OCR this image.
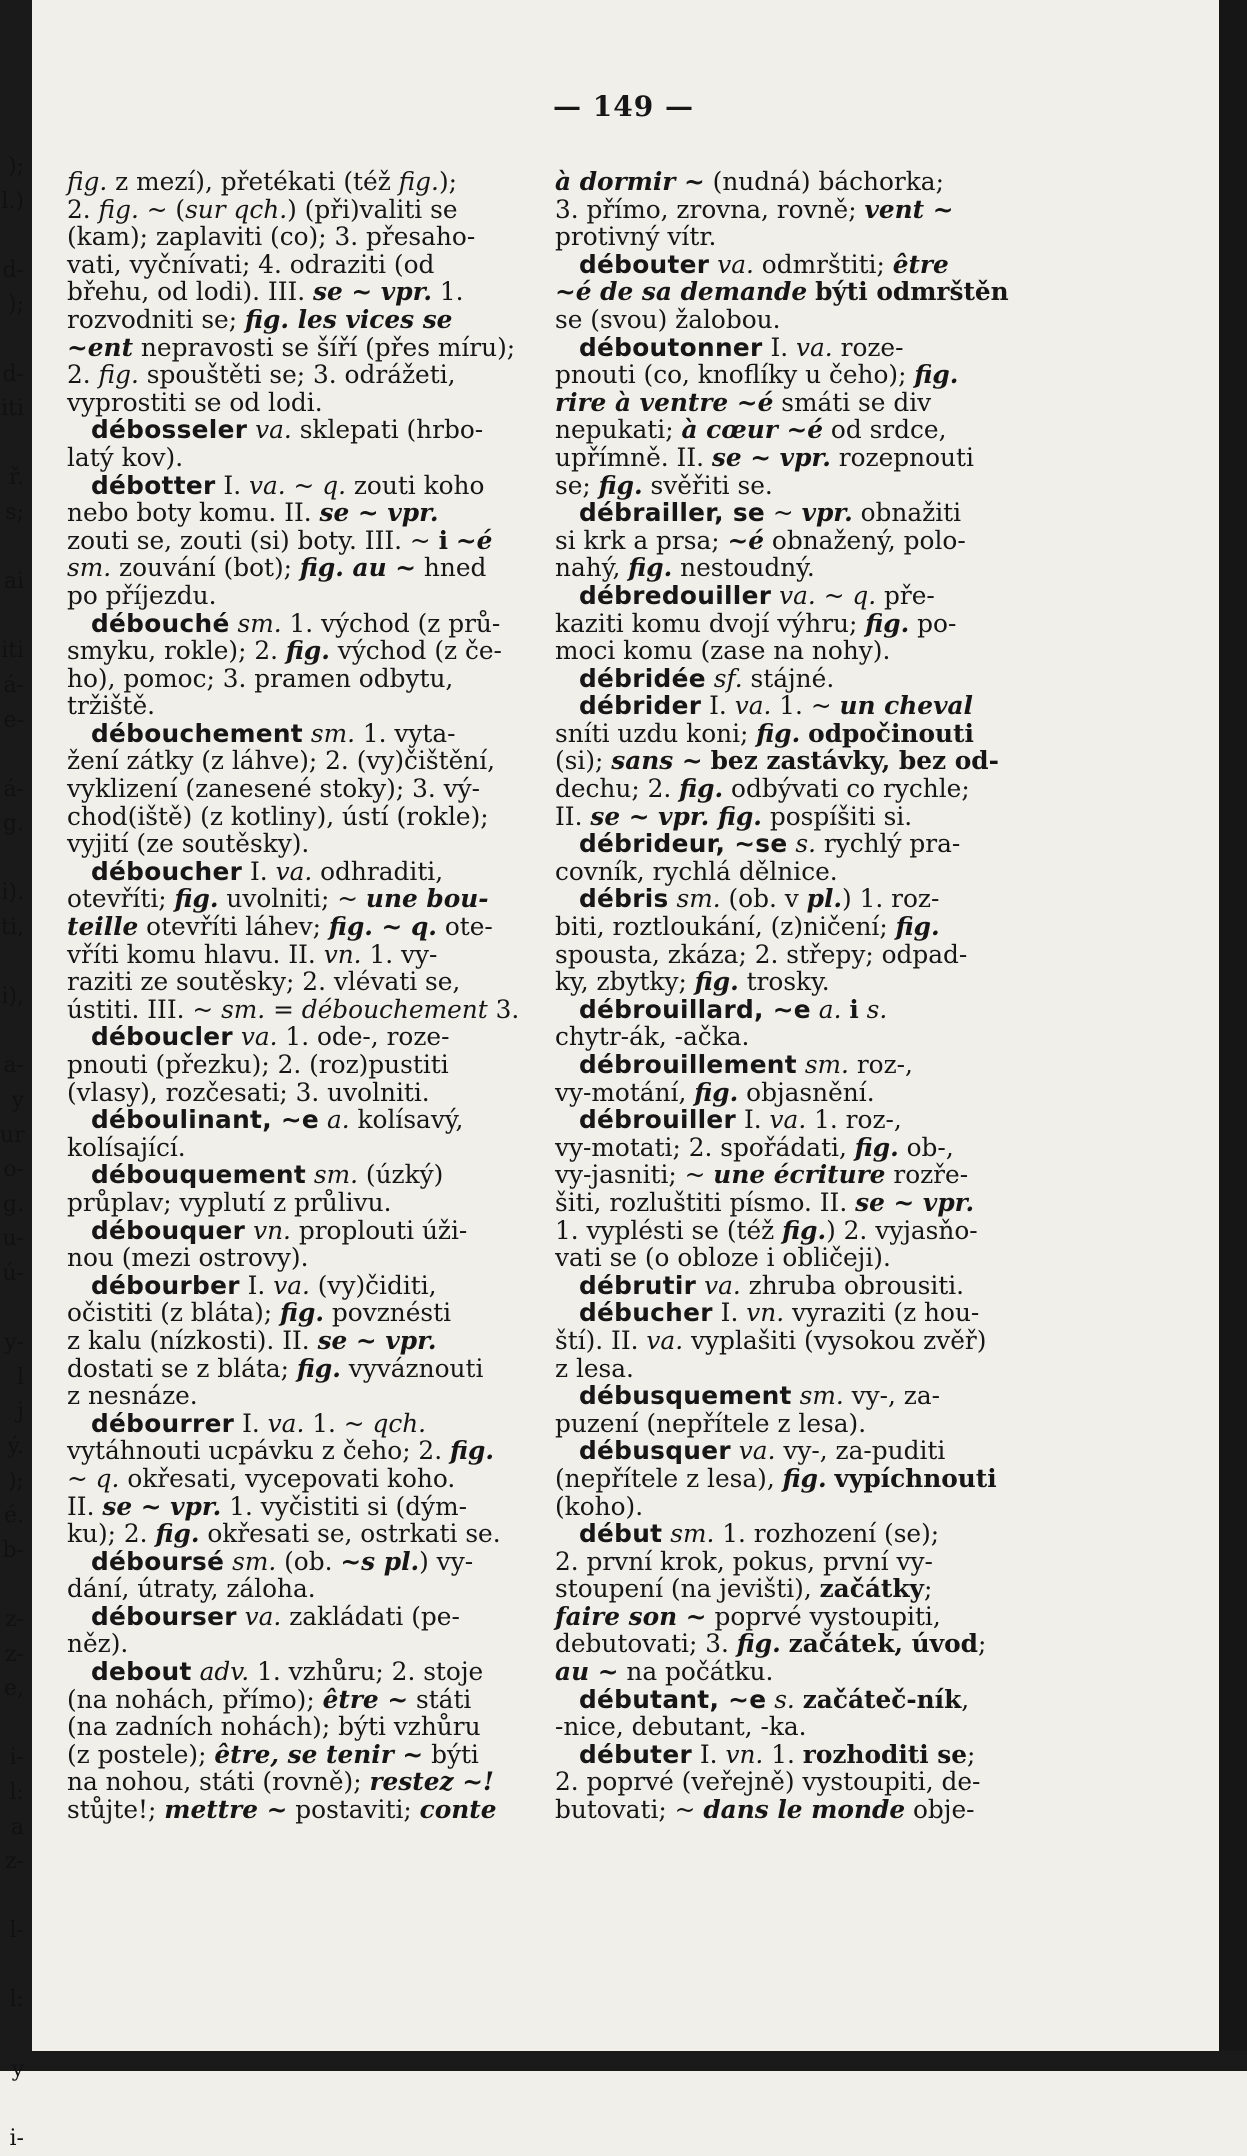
);
l.)

d-
);

d-
iti

ř.
s;

ai

iti
á-
e-

á-
g.

i).
ti,

i),

a-
y
ur
o-
g.
u-
ú-

y-
l
j
ý.
);
é.
b-

z-
z-
e,

i-
l:
a
z-

l-

l:

y

i-
— 149 —
fig. z mezí), přetékati (též fig.);
2. fig. ~ (sur qch.) (při)valiti se
(kam); zaplaviti (co); 3. přesaho-
vati, vyčnívati; 4. odraziti (od
břehu, od lodi). III. se ~ vpr. 1.
rozvodniti se; fig. les vices se
~ent nepravosti se šíří (přes míru);
2. fig. spouštěti se; 3. odrážeti,
vyprostiti se od lodi.
débosseler va. sklepati (hrbo-
latý kov).
débotter I. va. ~ q. zouti koho
nebo boty komu. II. se ~ vpr.
zouti se, zouti (si) boty. III. ~ i ~é
sm. zouvání (bot); fig. au ~ hned
po příjezdu.
débouché sm. 1. východ (z prů-
smyku, rokle); 2. fig. východ (z če-
ho), pomoc; 3. pramen odbytu,
tržiště.
débouchement sm. 1. vyta-
žení zátky (z láhve); 2. (vy)čištění,
vyklizení (zanesené stoky); 3. vý-
chod(iště) (z kotliny), ústí (rokle);
vyjití (ze soutěsky).
déboucher I. va. odhraditi,
otevříti; fig. uvolniti; ~ une bou-
teille otevříti láhev; fig. ~ q. ote-
vříti komu hlavu. II. vn. 1. vy-
raziti ze soutěsky; 2. vlévati se,
ústiti. III. ~ sm. = débouchement 3.
déboucler va. 1. ode-, roze-
pnouti (přezku); 2. (roz)pustiti
(vlasy), rozčesati; 3. uvolniti.
déboulinant, ~e a. kolísavý,
kolísající.
débouquement sm. (úzký)
průplav; vyplutí z průlivu.
débouquer vn. proplouti úži-
nou (mezi ostrovy).
débourber I. va. (vy)čiditi,
očistiti (z bláta); fig. povznésti
z kalu (nízkosti). II. se ~ vpr.
dostati se z bláta; fig. vyváznouti
z nesnáze.
débourrer I. va. 1. ~ qch.
vytáhnouti ucpávku z čeho; 2. fig.
~ q. okřesati, vycepovati koho.
II. se ~ vpr. 1. vyčistiti si (dým-
ku); 2. fig. okřesati se, ostrkati se.
déboursé sm. (ob. ~s pl.) vy-
dání, útraty, záloha.
débourser va. zakládati (pe-
něz).
debout adv. 1. vzhůru; 2. stoje
(na nohách, přímo); être ~ státi
(na zadních nohách); býti vzhůru
(z postele); être, se tenir ~ býti
na nohou, státi (rovně); restez ~!
stůjte!; mettre ~ postaviti; conte
à dormir ~ (nudná) báchorka;
3. přímo, zrovna, rovně; vent ~
protivný vítr.
débouter va. odmrštiti; être
~é de sa demande býti odmrštěn
se (svou) žalobou.
déboutonner I. va. roze-
pnouti (co, knoflíky u čeho); fig.
rire à ventre ~é smáti se div
nepukati; à cœur ~é od srdce,
upřímně. II. se ~ vpr. rozepnouti
se; fig. svěřiti se.
débrailler, se ~ vpr. obnažiti
si krk a prsa; ~é obnažený, polo-
nahý, fig. nestoudný.
débredouiller va. ~ q. pře-
kaziti komu dvojí výhru; fig. po-
moci komu (zase na nohy).
débridée sf. stájné.
débrider I. va. 1. ~ un cheval
sníti uzdu koni; fig. odpočinouti
(si); sans ~ bez zastávky, bez od-
dechu; 2. fig. odbývati co rychle;
II. se ~ vpr. fig. pospíšiti si.
débrideur, ~se s. rychlý pra-
covník, rychlá dělnice.
débris sm. (ob. v pl.) 1. roz-
biti, roztloukání, (z)ničení; fig.
spousta, zkáza; 2. střepy; odpad-
ky, zbytky; fig. trosky.
débrouillard, ~e a. i s.
chytr-ák, -ačka.
débrouillement sm. roz-,
vy-motání, fig. objasnění.
débrouiller I. va. 1. roz-,
vy-motati; 2. spořádati, fig. ob-,
vy-jasniti; ~ une écriture rozře-
šiti, rozluštiti písmo. II. se ~ vpr.
1. vyplésti se (též fig.) 2. vyjasňo-
vati se (o obloze i obličeji).
débrutir va. zhruba obrousiti.
débucher I. vn. vyraziti (z hou-
ští). II. va. vyplašiti (vysokou zvěř)
z lesa.
débusquement sm. vy-, za-
puzení (nepřítele z lesa).
débusquer va. vy-, za-puditi
(nepřítele z lesa), fig. vypíchnouti
(koho).
début sm. 1. rozhození (se);
2. první krok, pokus, první vy-
stoupení (na jevišti), začátky;
faire son ~ poprvé vystoupiti,
debutovati; 3. fig. začátek, úvod;
au ~ na počátku.
débutant, ~e s. začáteč-ník,
-nice, debutant, -ka.
débuter I. vn. 1. rozhoditi se;
2. poprvé (veřejně) vystoupiti, de-
butovati; ~ dans le monde obje-
